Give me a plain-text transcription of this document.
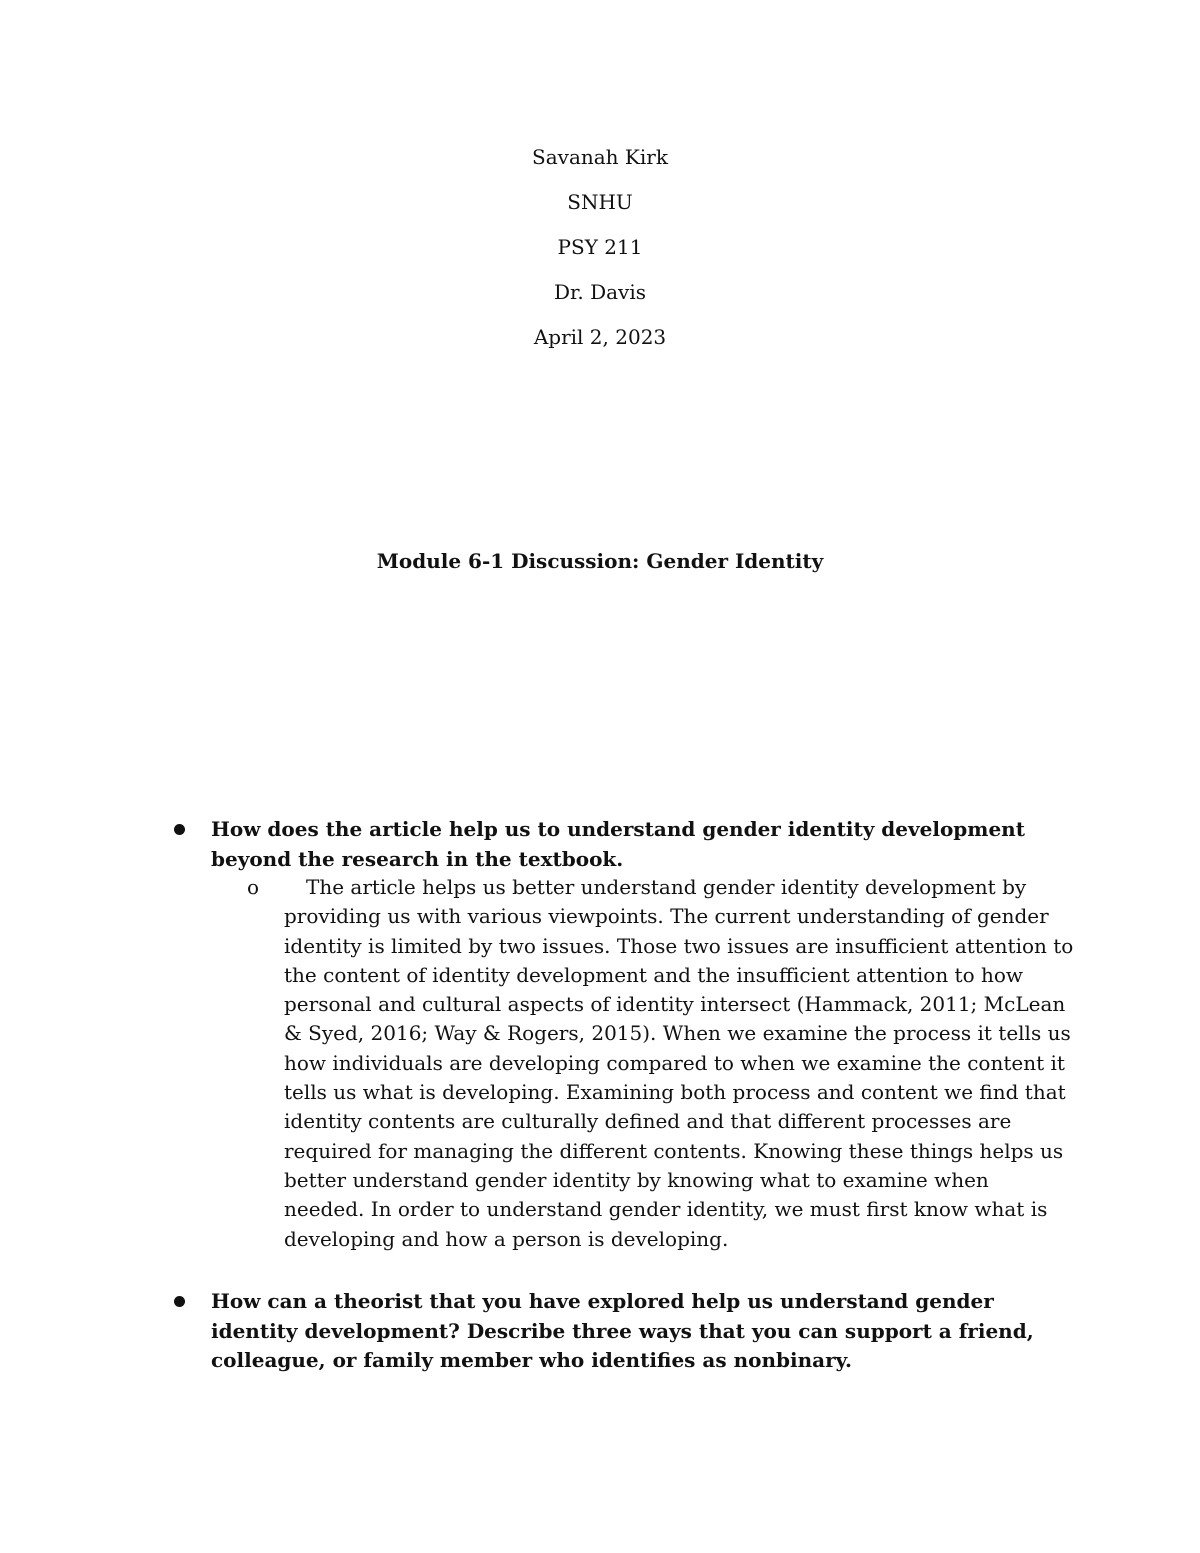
Savanah Kirk
SNHU
PSY 211
Dr. Davis
April 2, 2023
Module 6-1 Discussion: Gender Identity
How does the article help us to understand gender identity development beyond the research in the textbook.
o	The article helps us better understand gender identity development by providing us with various viewpoints. The current understanding of gender identity is limited by two issues. Those two issues are insufficient attention to the content of identity development and the insufficient attention to how personal and cultural aspects of identity intersect (Hammack, 2011; McLean & Syed, 2016; Way & Rogers, 2015). When we examine the process it tells us how individuals are developing compared to when we examine the content it tells us what is developing. Examining both process and content we find that identity contents are culturally defined and that different processes are required for managing the different contents. Knowing these things helps us better understand gender identity by knowing what to examine when needed. In order to understand gender identity, we must first know what is developing and how a person is developing.
How can a theorist that you have explored help us understand gender identity development? Describe three ways that you can support a friend, colleague, or family member who identifies as nonbinary.
